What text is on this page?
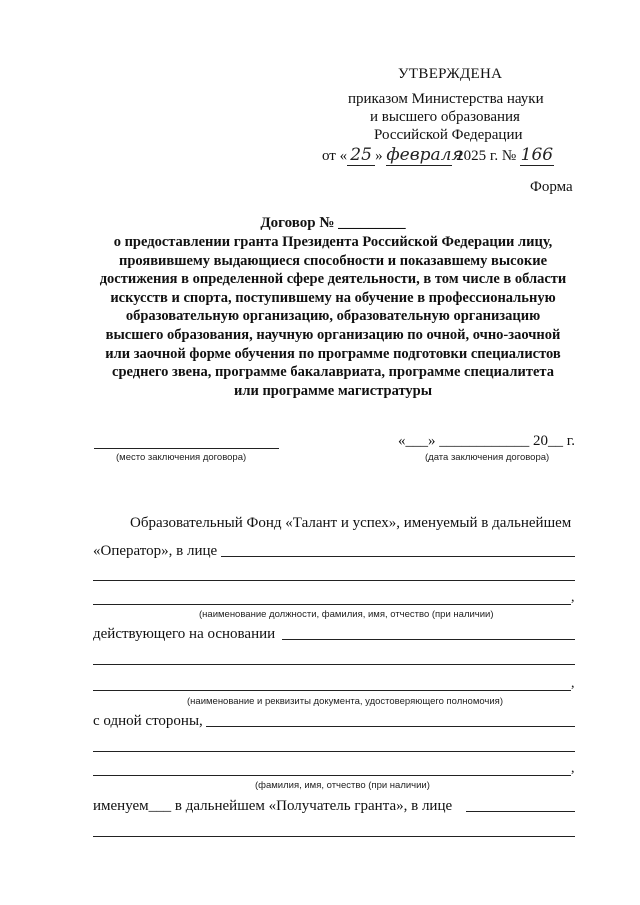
УТВЕРЖДЕНА
приказом Министерства науки
и высшего образования
Российской Федерации
от « 25 » февраля 2025 г. № 166
Форма
Договор № _________
о предоставлении гранта Президента Российской Федерации лицу,
проявившему выдающиеся способности и показавшему высокие
достижения в определенной сфере деятельности, в том числе в области
искусств и спорта, поступившему на обучение в профессиональную
образовательную организацию, образовательную организацию
высшего образования, научную организацию по очной, очно-заочной
или заочной форме обучения по программе подготовки специалистов
среднего звена, программе бакалавриата, программе специалитета
или программе магистратуры
«___» ____________ 20__ г.
(место заключения договора)	(дата заключения договора)
Образовательный Фонд «Талант и успех», именуемый в дальнейшем
«Оператор», в лице
,
(наименование должности, фамилия, имя, отчество (при наличии)
действующего на основании
,
(наименование и реквизиты документа, удостоверяющего полномочия)
с одной стороны,
,
(фамилия, имя, отчество (при наличии)
именуем___ в дальнейшем «Получатель гранта», в лице
